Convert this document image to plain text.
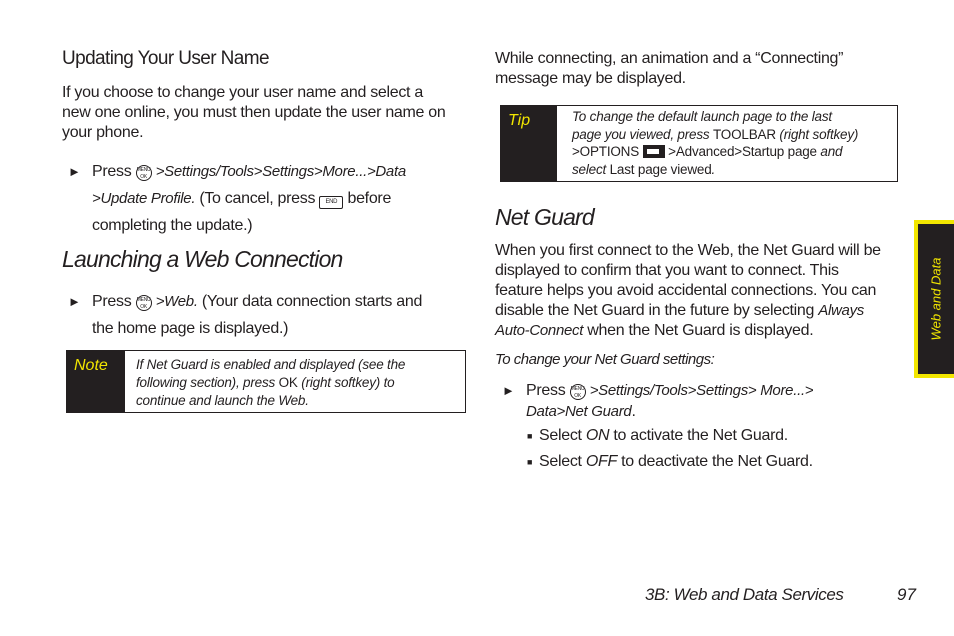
Updating Your User Name
If you choose to change your user name and select a
new one online, you must then update the user name on
your phone.
► Press MENU
OK >Settings/Tools>Settings>More...>Data
>Update Profile. (To cancel, press END before
completing the update.)
Launching a Web Connection
► Press MENU
OK >Web. (Your data connection starts and
the home page is displayed.)
Note	If Net Guard is enabled and displayed (see the
following section), press OK (right softkey) to
continue and launch the Web.
While connecting, an animation and a “Connecting”
message may be displayed.
Tip	To change the default launch page to the last
page you viewed, press TOOLBAR (right softkey)
>OPTIONS  >Advanced>Startup page and
select Last page viewed.
Net Guard
When you first connect to the Web, the Net Guard will be
displayed to confirm that you want to connect. This
feature helps you avoid accidental connections. You can
disable the Net Guard in the future by selecting Always
Auto-Connect when the Net Guard is displayed.
To change your Net Guard settings:
► Press MENU
OK >Settings/Tools>Settings> More...>
Data>Net Guard.
■ Select ON to activate the Net Guard.
■ Select OFF to deactivate the Net Guard.
Web and Data
3B: Web and Data Services	97
